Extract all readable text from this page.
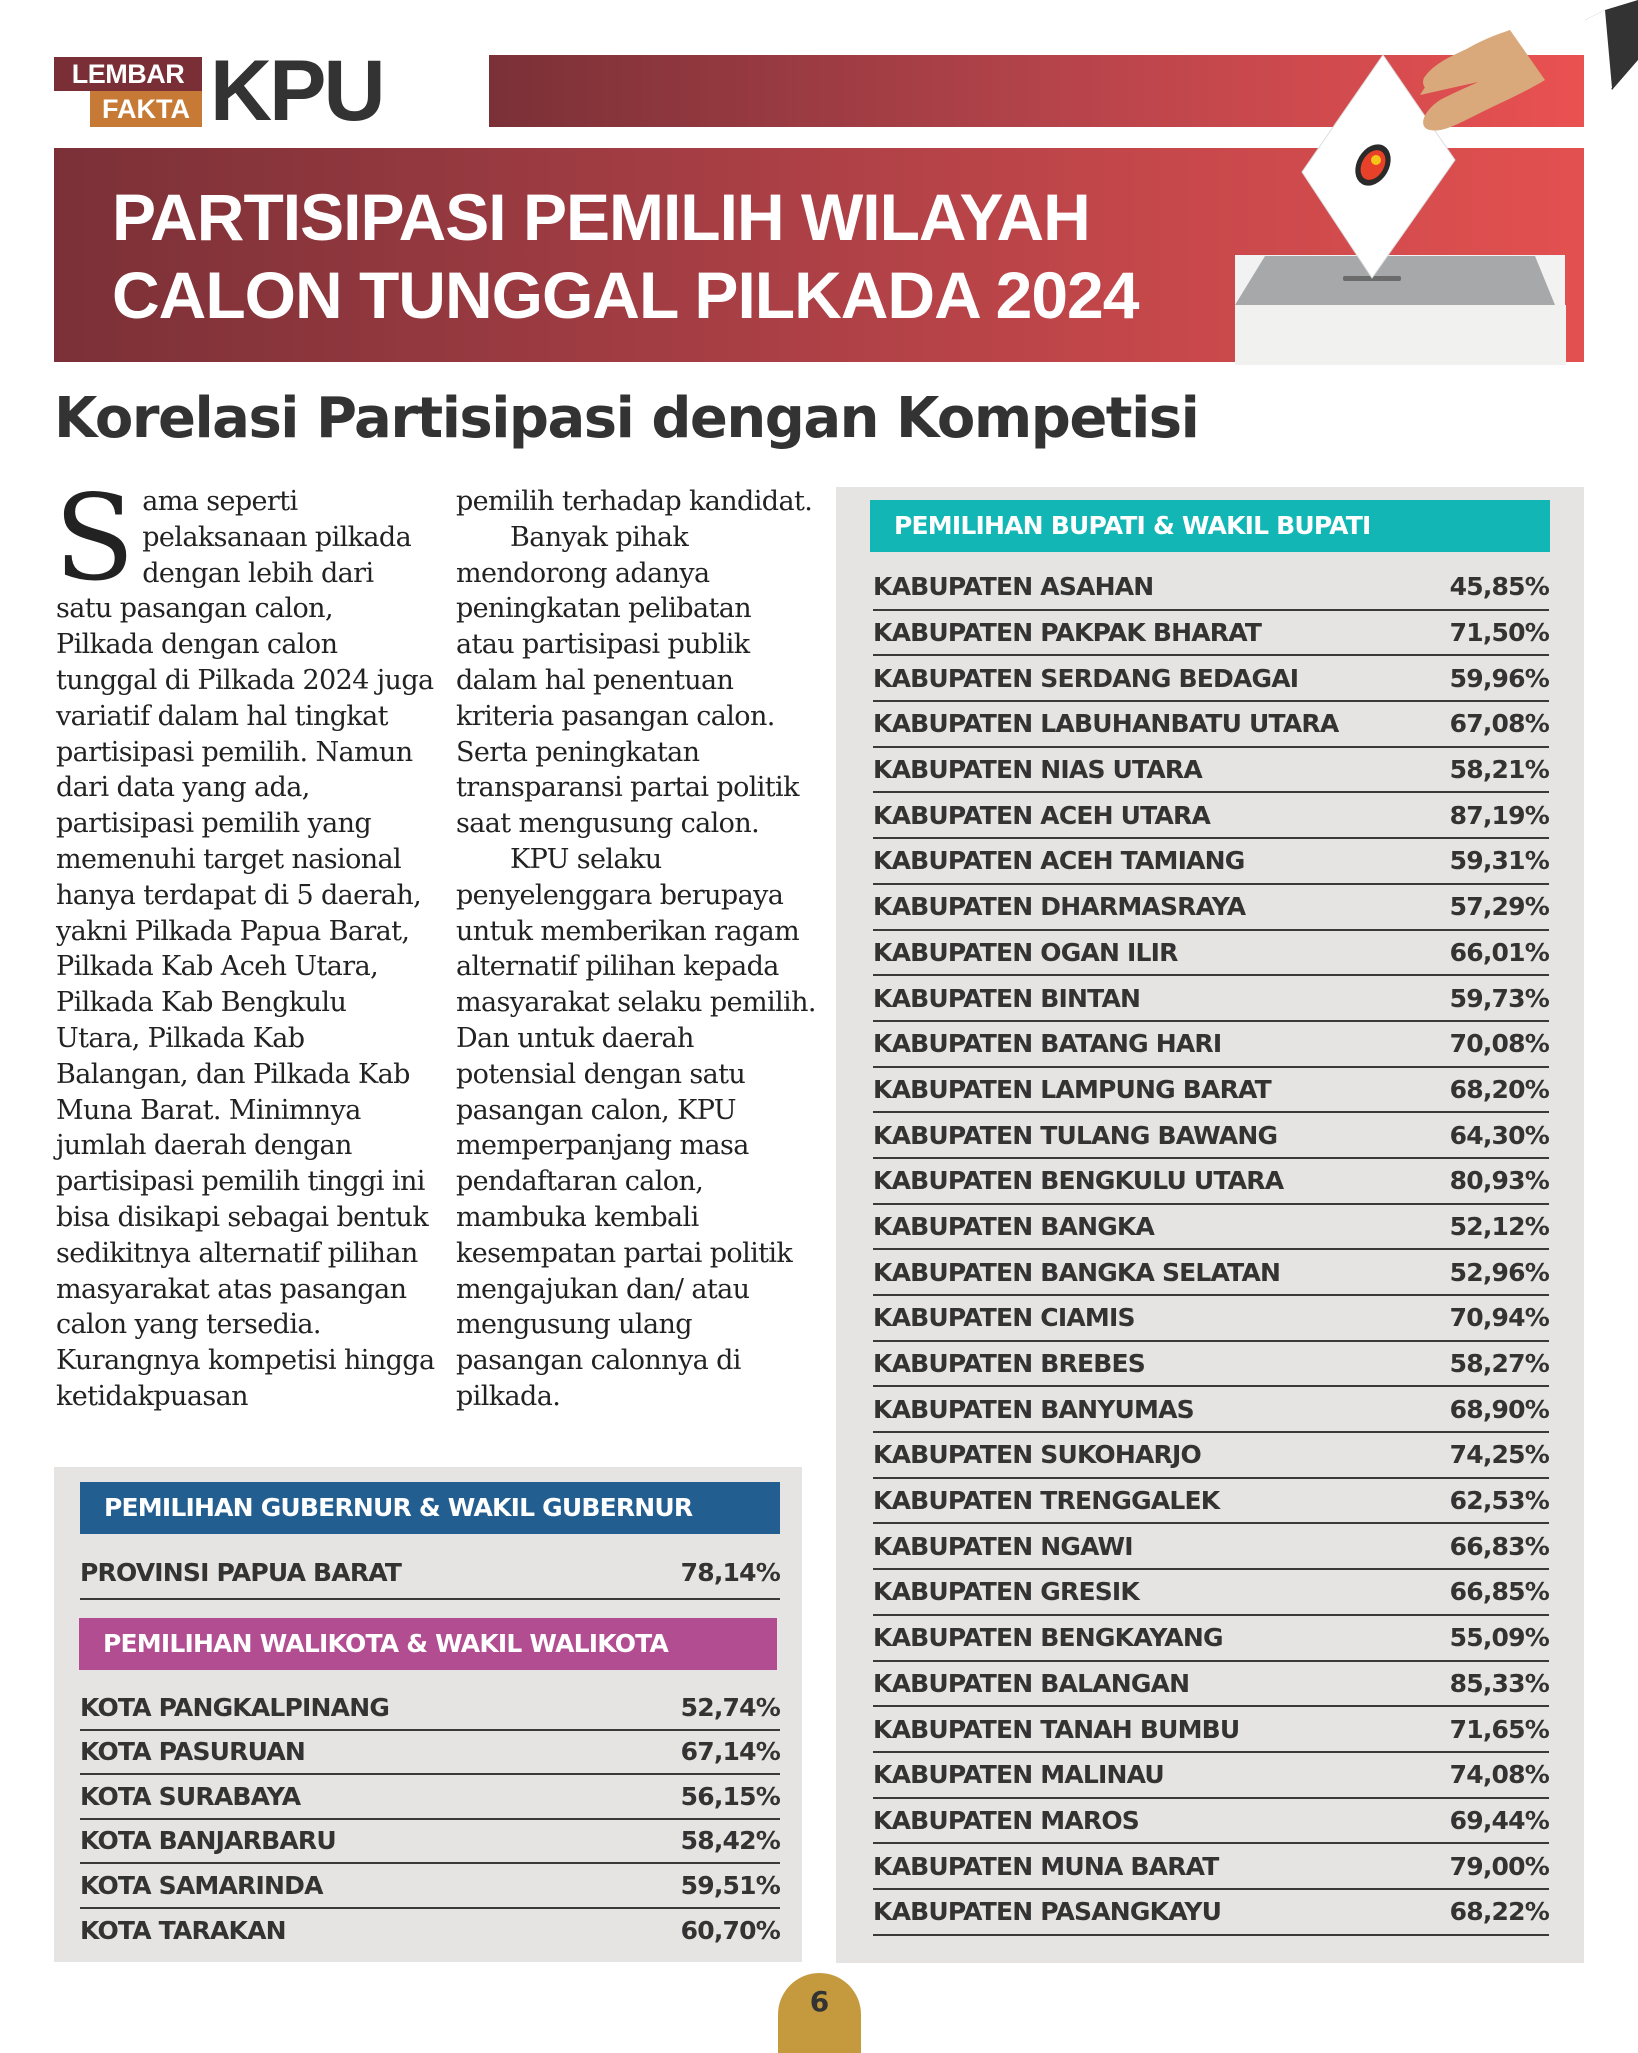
LEMBAR
FAKTA KPU
PARTISIPASI PEMILIH WILAYAH
CALON TUNGGAL PILKADA 2024
Korelasi Partisipasi dengan Kompetisi
S ama seperti pelaksanaan pilkada dengan lebih dari satu pasangan calon, Pilkada dengan calon tunggal di Pilkada 2024 juga variatif dalam hal tingkat partisipasi pemilih. Namun dari data yang ada, partisipasi pemilih yang memenuhi target nasional hanya terdapat di 5 daerah, yakni Pilkada Papua Barat, Pilkada Kab Aceh Utara, Pilkada Kab Bengkulu Utara, Pilkada Kab Balangan, dan Pilkada Kab Muna Barat. Minimnya jumlah daerah dengan partisipasi pemilih tinggi ini bisa disikapi sebagai bentuk sedikitnya alternatif pilihan masyarakat atas pasangan calon yang tersedia. Kurangnya kompetisi hingga ketidakpuasan

pemilih terhadap kandidat.

Banyak pihak mendorong adanya peningkatan pelibatan atau partisipasi publik dalam hal penentuan kriteria pasangan calon. Serta peningkatan transparansi partai politik saat mengusung calon.

KPU selaku penyelenggara berupaya untuk memberikan ragam alternatif pilihan kepada masyarakat selaku pemilih. Dan untuk daerah potensial dengan satu pasangan calon, KPU memperpanjang masa pendaftaran calon, mambuka kembali kesempatan partai politik mengajukan dan/ atau mengusung ulang pasangan calonnya di pilkada.

PEMILIHAN GUBERNUR & WAKIL GUBERNUR
PROVINSI PAPUA BARAT	78,14%
PEMILIHAN WALIKOTA & WAKIL WALIKOTA
KOTA PANGKALPINANG	52,74%
KOTA PASURUAN	67,14%
KOTA SURABAYA	56,15%
KOTA BANJARBARU	58,42%
KOTA SAMARINDA	59,51%
KOTA TARAKAN	60,70%
PEMILIHAN BUPATI & WAKIL BUPATI
KABUPATEN ASAHAN	45,85%
KABUPATEN PAKPAK BHARAT	71,50%
KABUPATEN SERDANG BEDAGAI	59,96%
KABUPATEN LABUHANBATU UTARA	67,08%
KABUPATEN NIAS UTARA	58,21%
KABUPATEN ACEH UTARA	87,19%
KABUPATEN ACEH TAMIANG	59,31%
KABUPATEN DHARMASRAYA	57,29%
KABUPATEN OGAN ILIR	66,01%
KABUPATEN BINTAN	59,73%
KABUPATEN BATANG HARI	70,08%
KABUPATEN LAMPUNG BARAT	68,20%
KABUPATEN TULANG BAWANG	64,30%
KABUPATEN BENGKULU UTARA	80,93%
KABUPATEN BANGKA	52,12%
KABUPATEN BANGKA SELATAN	52,96%
KABUPATEN CIAMIS	70,94%
KABUPATEN BREBES	58,27%
KABUPATEN BANYUMAS	68,90%
KABUPATEN SUKOHARJO	74,25%
KABUPATEN TRENGGALEK	62,53%
KABUPATEN NGAWI	66,83%
KABUPATEN GRESIK	66,85%
KABUPATEN BENGKAYANG	55,09%
KABUPATEN BALANGAN	85,33%
KABUPATEN TANAH BUMBU	71,65%
KABUPATEN MALINAU	74,08%
KABUPATEN MAROS	69,44%
KABUPATEN MUNA BARAT	79,00%
KABUPATEN PASANGKAYU	68,22%
6
